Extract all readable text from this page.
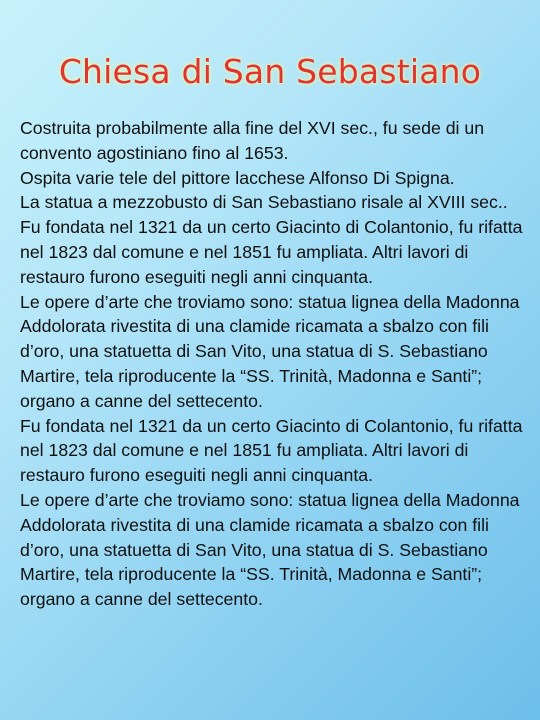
Chiesa di San Sebastiano

Costruita probabilmente alla fine del XVI sec., fu sede di un convento agostiniano fino al 1653.

Ospita varie tele del pittore lacchese Alfonso Di Spigna.

La statua a mezzobusto di San Sebastiano risale al XVIII sec.. Fu fondata nel 1321 da un certo Giacinto di Colantonio, fu rifatta nel 1823 dal comune e nel 1851 fu ampliata. Altri lavori di restauro furono eseguiti negli anni cinquanta.

Le opere d’arte che troviamo sono: statua lignea della Madonna Addolorata rivestita di una clamide ricamata a sbalzo con fili d’oro, una statuetta di San Vito, una statua di S. Sebastiano Martire, tela riproducente la “SS. Trinità, Madonna e Santi”; organo a canne del settecento.

Fu fondata nel 1321 da un certo Giacinto di Colantonio, fu rifatta nel 1823 dal comune e nel 1851 fu ampliata. Altri lavori di restauro furono eseguiti negli anni cinquanta.

Le opere d’arte che troviamo sono: statua lignea della Madonna Addolorata rivestita di una clamide ricamata a sbalzo con fili d’oro, una statuetta di San Vito, una statua di S. Sebastiano Martire, tela riproducente la “SS. Trinità, Madonna e Santi”; organo a canne del settecento.
